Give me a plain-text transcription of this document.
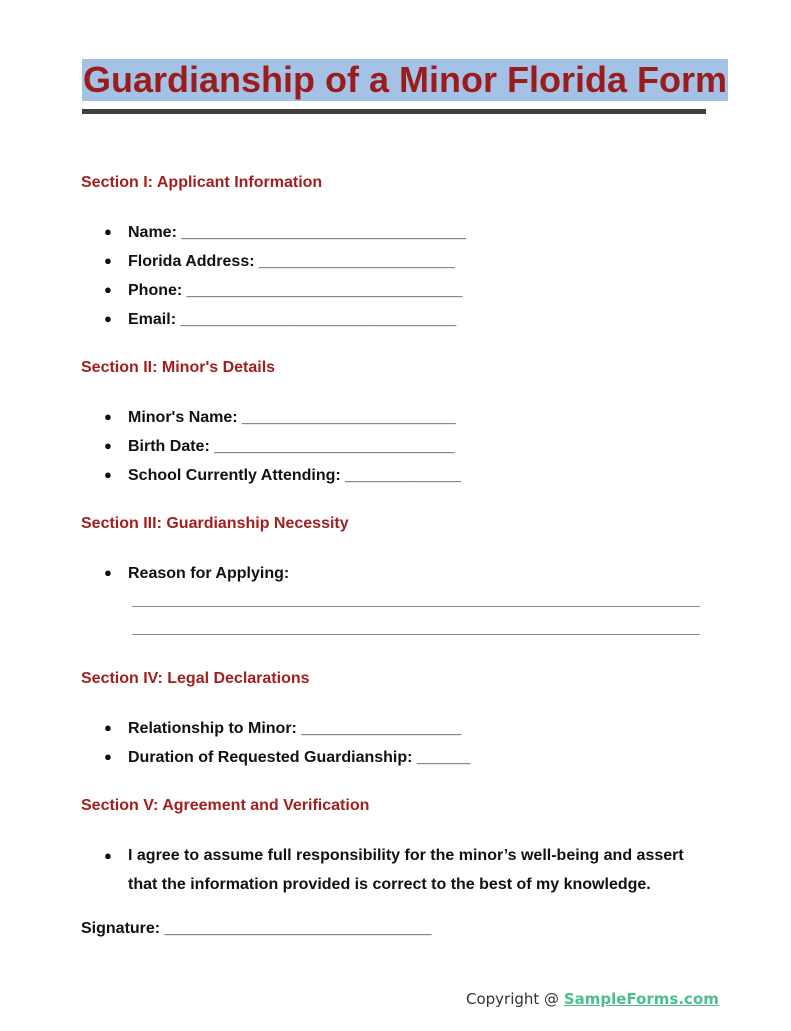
Guardianship of a Minor Florida Form
Section I: Applicant Information
● Name: ________________________________
● Florida Address: ______________________
● Phone: _______________________________
● Email: _______________________________
Section II: Minor's Details
● Minor's Name: ________________________
● Birth Date: ___________________________
● School Currently Attending: _____________
Section III: Guardianship Necessity
● Reason for Applying:
Section IV: Legal Declarations
● Relationship to Minor: __________________
● Duration of Requested Guardianship: ______
Section V: Agreement and Verification
● I agree to assume full responsibility for the minor’s well-being and assert that the information provided is correct to the best of my knowledge.
Signature: ______________________________
Copyright @ SampleForms.com
